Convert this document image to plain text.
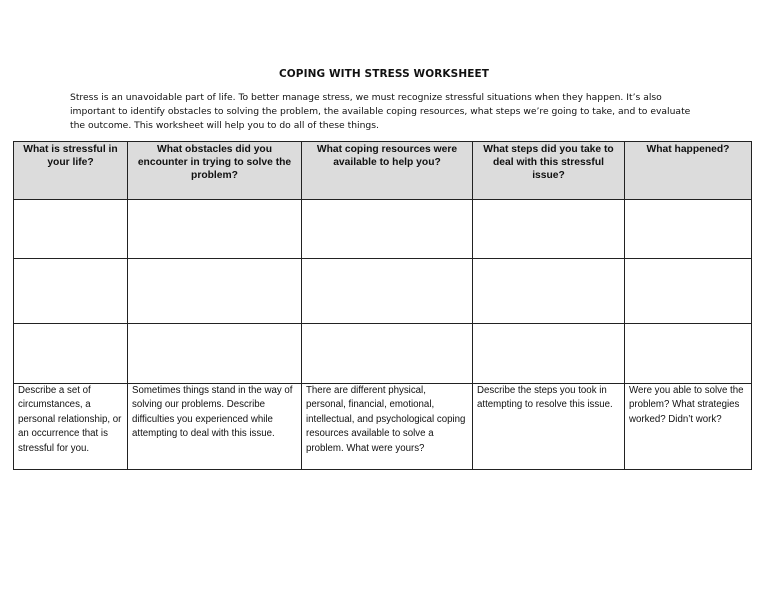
COPING WITH STRESS WORKSHEET
Stress is an unavoidable part of life. To better manage stress, we must recognize stressful situations when they happen. It’s also important to identify obstacles to solving the problem, the available coping resources, what steps we’re going to take, and to evaluate the outcome. This worksheet will help you to do all of these things.
What is stressful in your life?	What obstacles did you encounter in trying to solve the problem?	What coping resources were available to help you?	What steps did you take to deal with this stressful issue?	What happened?

Describe a set of circumstances, a personal relationship, or an occurrence that is stressful for you.	Sometimes things stand in the way of solving our problems. Describe difficulties you experienced while attempting to deal with this issue.	There are different physical, personal, financial, emotional, intellectual, and psychological coping resources available to solve a problem. What were yours?	Describe the steps you took in attempting to resolve this issue.	Were you able to solve the problem? What strategies worked? Didn’t work?
